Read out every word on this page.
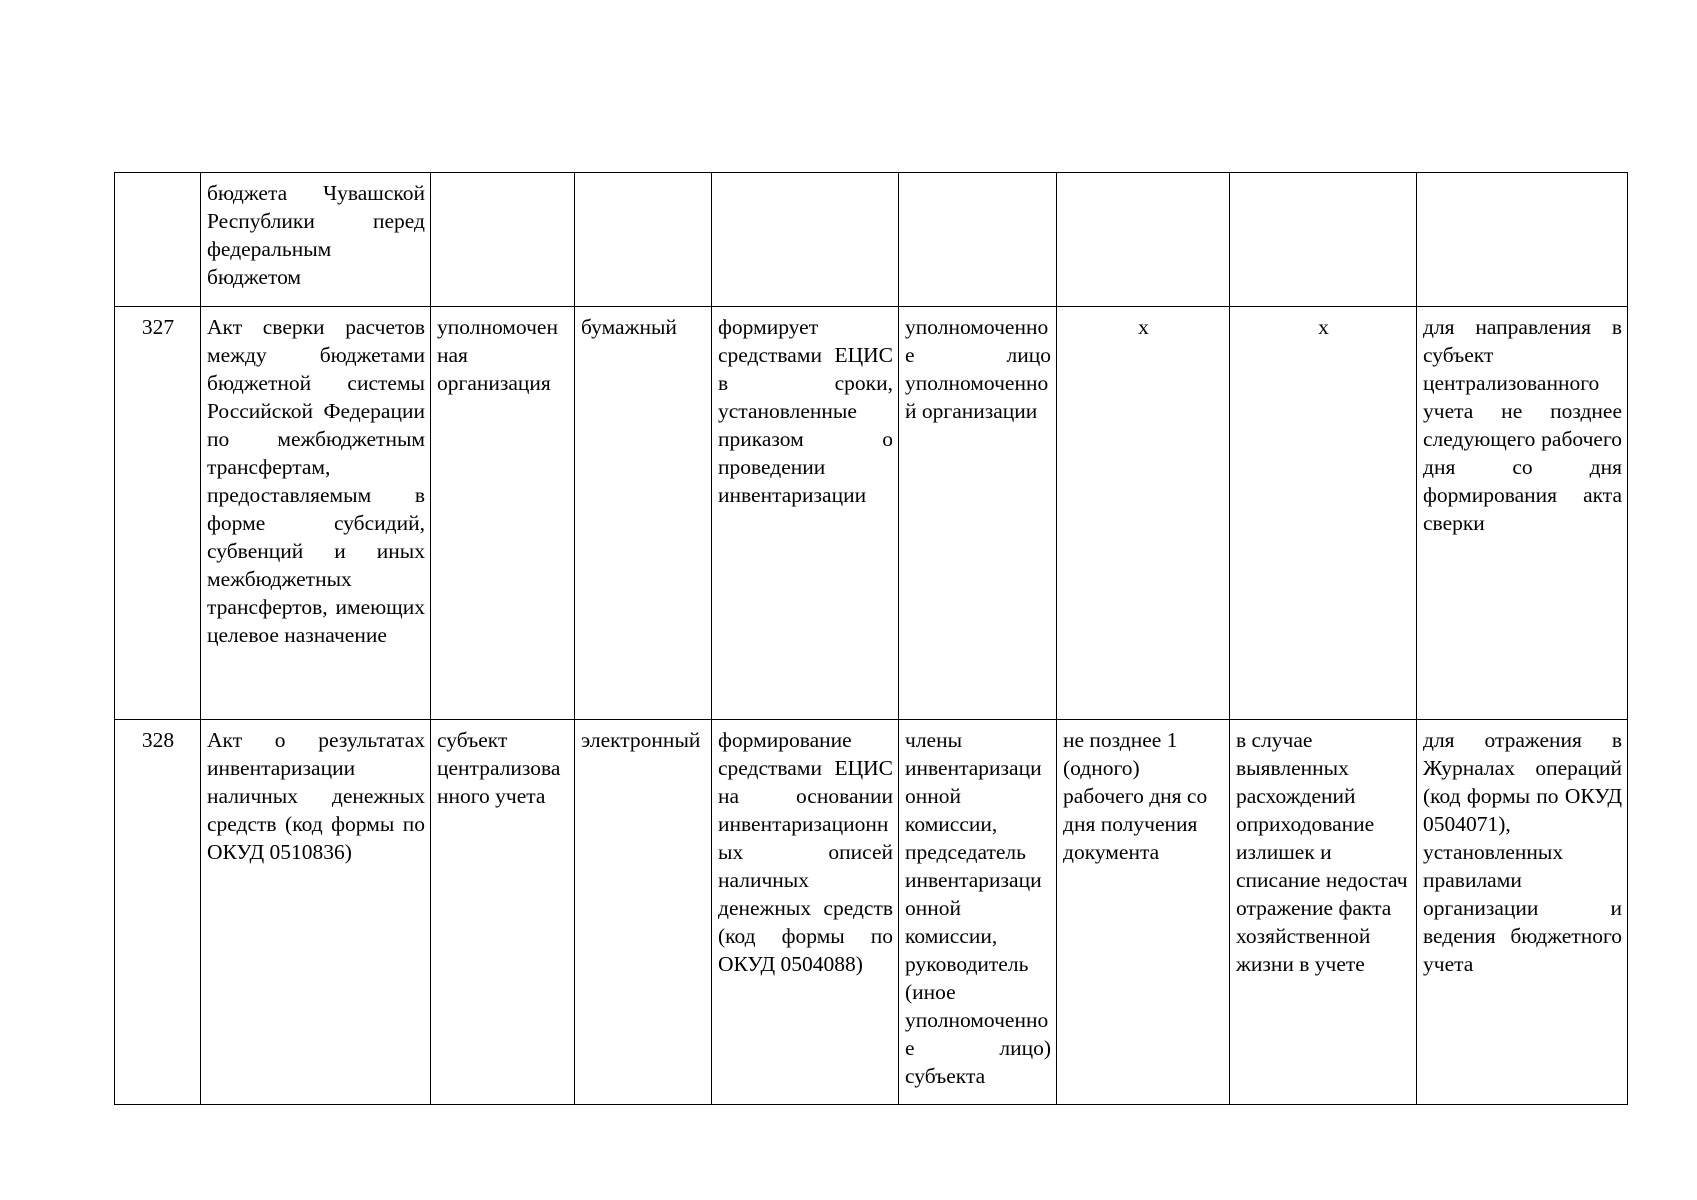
	бюджета Чувашской Республики перед федеральным бюджетом							
327	Акт сверки расчетов между бюджетами бюджетной системы Российской Федерации по межбюджетным трансфертам, предоставляемым в форме субсидий, субвенций и иных межбюджетных трансфертов, имеющих целевое назначение	уполномоченная организация	бумажный	формирует средствами ЕЦИС в сроки, установленные приказом о проведении инвентаризации	уполномоченное лицо уполномоченной организации	x	x	для направления в субъект централизованного учета не позднее следующего рабочего дня со дня формирования акта сверки
328	Акт о результатах инвентаризации наличных денежных средств (код формы по ОКУД 0510836)	субъект централизованного учета	электронный	формирование средствами ЕЦИС на основании инвентаризационных описей наличных денежных средств (код формы по ОКУД 0504088)	члены инвентаризационной комиссии, председатель инвентаризационной комиссии, руководитель (иное уполномоченное лицо) субъекта	не позднее 1 (одного) рабочего дня со дня получения документа	в случае выявленных расхождений оприходование излишек и списание недостач отражение факта хозяйственной жизни в учете	для отражения в Журналах операций (код формы по ОКУД 0504071), установленных правилами организации и ведения бюджетного учета
